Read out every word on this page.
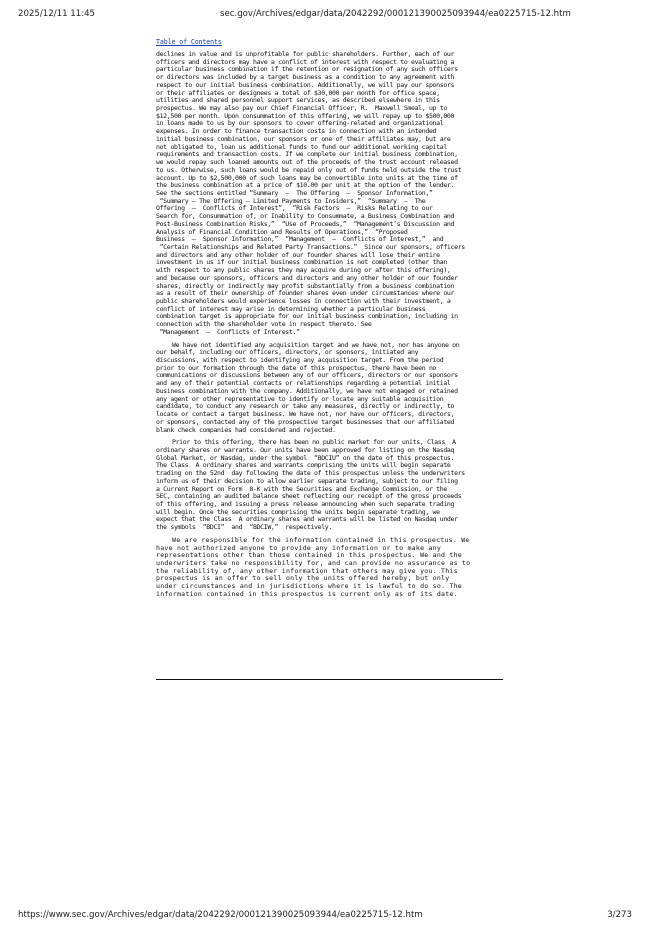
2025/12/11 11:45	sec.gov/Archives/edgar/data/2042292/000121390025093944/ea0225715-12.htm
Table of Contents
declines in value and is unprofitable for public shareholders. Further, each of our
officers and directors may have a conflict of interest with respect to evaluating a
particular business combination if the retention or resignation of any such officers
or directors was included by a target business as a condition to any agreement with
respect to our initial business combination. Additionally, we will pay our sponsors
or their affiliates or designees a total of $30,000 per month for office space,
utilities and shared personnel support services, as described elsewhere in this
prospectus. We may also pay our Chief Financial Officer, R.  Maxwell Smeal, up to
$12,500 per month. Upon consummation of this offering, we will repay up to $500,000
in loans made to us by our sponsors to cover offering-related and organizational
expenses. In order to finance transaction costs in connection with an intended
initial business combination, our sponsors or one of their affiliates may, but are
not obligated to, loan us additional funds to fund our additional working capital
requirements and transaction costs. If we complete our initial business combination,
we would repay such loaned amounts out of the proceeds of the trust account released
to us. Otherwise, such loans would be repaid only out of funds held outside the trust
account. Up to $2,500,000 of such loans may be convertible into units at the time of
the business combination at a price of $10.00 per unit at the option of the lender.
See the sections entitled “Summary  —  The Offering  —  Sponsor Information,”
“Summary — The Offering — Limited Payments to Insiders,”  “Summary  —  The
Offering  —  Conflicts of Interest”,  “Risk Factors  —  Risks Relating to our
Search for, Consummation of, or Inability to Consummate, a Business Combination and
Post-Business Combination Risks,”  “Use of Proceeds,”  “Management’s Discussion and
Analysis of Financial Condition and Results of Operations,”  “Proposed
Business  —  Sponsor Information,”  “Management  —  Conflicts of Interest,”  and
“Certain Relationships and Related Party Transactions.”  Since our sponsors, officers
and directors and any other holder of our founder shares will lose their entire
investment in us if our initial business combination is not completed (other than
with respect to any public shares they may acquire during or after this offering),
and because our sponsors, officers and directors and any other holder of our founder
shares, directly or indirectly may profit substantially from a business combination
as a result of their ownership of founder shares even under circumstances where our
public shareholders would experience losses in connection with their investment, a
conflict of interest may arise in determining whether a particular business
combination target is appropriate for our initial business combination, including in
connection with the shareholder vote in respect thereto. See
“Management  —  Conflicts of Interest.”
We have not identified any acquisition target and we have not, nor has anyone on
our behalf, including our officers, directors, or sponsors, initiated any
discussions, with respect to identifying any acquisition target. From the period
prior to our formation through the date of this prospectus, there have been no
communications or discussions between any of our officers, directors or our sponsors
and any of their potential contacts or relationships regarding a potential initial
business combination with the company. Additionally, we have not engaged or retained
any agent or other representative to identify or locate any suitable acquisition
candidate, to conduct any research or take any measures, directly or indirectly, to
locate or contact a target business. We have not, nor have our officers, directors,
or sponsors, contacted any of the prospective target businesses that our affiliated
blank check companies had considered and rejected.
Prior to this offering, there has been no public market for our units, Class  A
ordinary shares or warrants. Our units have been approved for listing on the Nasdaq
Global Market, or Nasdaq, under the symbol  “BDCIU” on the date of this prospectus.
The Class  A ordinary shares and warrants comprising the units will begin separate
trading on the 52nd  day following the date of this prospectus unless the underwriters
inform us of their decision to allow earlier separate trading, subject to our filing
a Current Report on Form  8-K with the Securities and Exchange Commission, or the
SEC, containing an audited balance sheet reflecting our receipt of the gross proceeds
of this offering, and issuing a press release announcing when such separate trading
will begin. Once the securities comprising the units begin separate trading, we
expect that the Class  A ordinary shares and warrants will be listed on Nasdaq under
the symbols  “BDCI”  and  “BDCIW,”  respectively.
We are responsible for the information contained in this prospectus. We
have not authorized anyone to provide any information or to make any
representations other than those contained in this prospectus. We and the
underwriters take no responsibility for, and can provide no assurance as to
the reliability of, any other information that others may give you. This
prospectus is an offer to sell only the units offered hereby, but only
under circumstances and in jurisdictions where it is lawful to do so. The
information contained in this prospectus is current only as of its date.
https://www.sec.gov/Archives/edgar/data/2042292/000121390025093944/ea0225715-12.htm	3/273
